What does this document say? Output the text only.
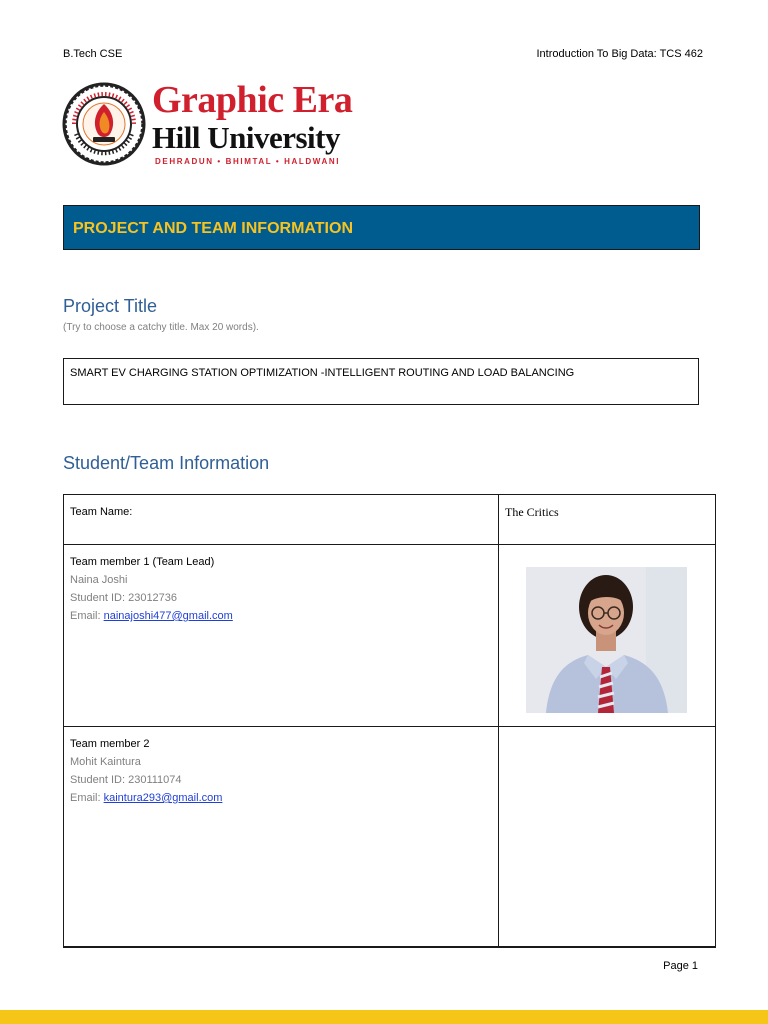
B.Tech CSE	Introduction To Big Data: TCS 462
Graphic Era
Hill University
DEHRADUN • BHIMTAL • HALDWANI
PROJECT AND TEAM INFORMATION
Project Title
(Try to choose a catchy title. Max 20 words).
SMART EV CHARGING STATION OPTIMIZATION -INTELLIGENT ROUTING AND LOAD BALANCING
Student/Team Information
Team Name:	The Critics

Team member 1 (Team Lead)
Naina Joshi
Student ID: 23012736
Email: nainajoshi477@gmail.com

Team member 2
Mohit Kaintura
Student ID: 230111074
Email: kaintura293@gmail.com	

Page 1
